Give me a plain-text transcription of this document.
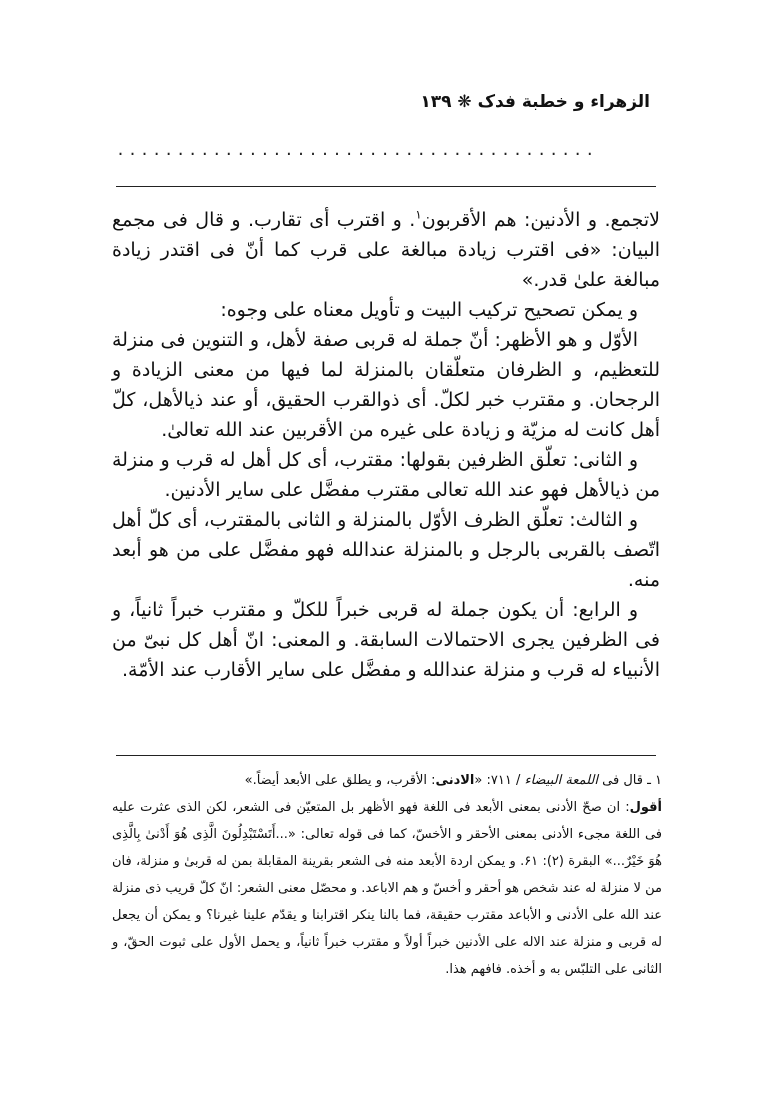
الزهراء و خطبة فدک ❋ ۱۳۹
........................................

لاتجمع. و الأدنین: هم الأقربون$^۱$. و اقترب أی تقارب. و قال فی مجمع البیان: «فی اقترب زیادة مبالغة علی قرب کما أنّ فی اقتدر زیادة مبالغة علیٰ قدر.»

و یمکن تصحیح ترکیب البیت و تأویل معناه علی وجوه:

الأوّل و هو الأظهر: أنّ جملة له قربی صفة لأهل، و التنوین فی منزلة للتعظیم، و الظرفان متعلّقان بالمنزلة لما فیها من معنی الزیادة و الرجحان. و مقترب خبر لکلّ. أی ذوالقرب الحقیق، أو عند ذیالأهل، کلّ أهل کانت له مزیّة و زیادة علی غیره من الأقربین عند الله تعالیٰ.

و الثانی: تعلّق الظرفین بقولها: مقترب، أی کل أهل له قرب و منزلة من ذیالأهل فهو عند الله تعالی مقترب مفضَّل علی سایر الأدنین.

و الثالث: تعلّق الظرف الأوّل بالمنزلة و الثانی بالمقترب، أی کلّ أهل اتّصف بالقربی بالرجل و بالمنزلة عندالله فهو مفضَّل علی من هو أبعد منه.

و الرابع: أن یکون جملة له قربی خبراً للکلّ و مقترب خبراً ثانیاً، و فی الظرفین یجری الاحتمالات السابقة. و المعنی: انّ أهل کل نبیّ من الأنبیاء له قرب و منزلة عندالله و مفضَّل علی سایر الأقارب عند الأمّة.

۱ ـ قال فی اللمعة البیضاء / ۷۱۱: «الادنی: الأقرب، و یطلق علی الأبعد أیضاً.»

أقول: ان صحّ الأدنی بمعنی الأبعد فی اللغة فهو الأظهر بل المتعیّن فی الشعر، لکن الذی عثرت علیه فی اللغة مجیء الأدنی بمعنی الأحقر و الأخسّ، کما فی قوله تعالی: «...أَتَسْتَبْدِلُونَ الَّذِی هُوَ أَدْنیٰ بِالَّذِی هُوَ خَیْرٌ...» البقرة (۲): ۶۱. و یمکن اردة الأبعد منه فی الشعر بقرینة المقابلة بمن له قربیٰ و منزلة، فان من لا منزلة له عند شخص هو أحقر و أخسّ و هم الاباعد. و محصّل معنی الشعر: انّ کلّ قریب ذی منزلة عند الله علی الأدنی و الأباعد مقترب حقیقة، فما بالنا ینکر اقترابنا و یقدّم علینا غیرنا؟ و یمکن أن یجعل له قربی و منزلة عند الاله علی الأدنین خبراً أولاً و مقترب خبراً ثانیاً، و یحمل الأول علی ثبوت الحقّ، و الثانی علی التلبّس به و أخذه. فافهم هذا.
